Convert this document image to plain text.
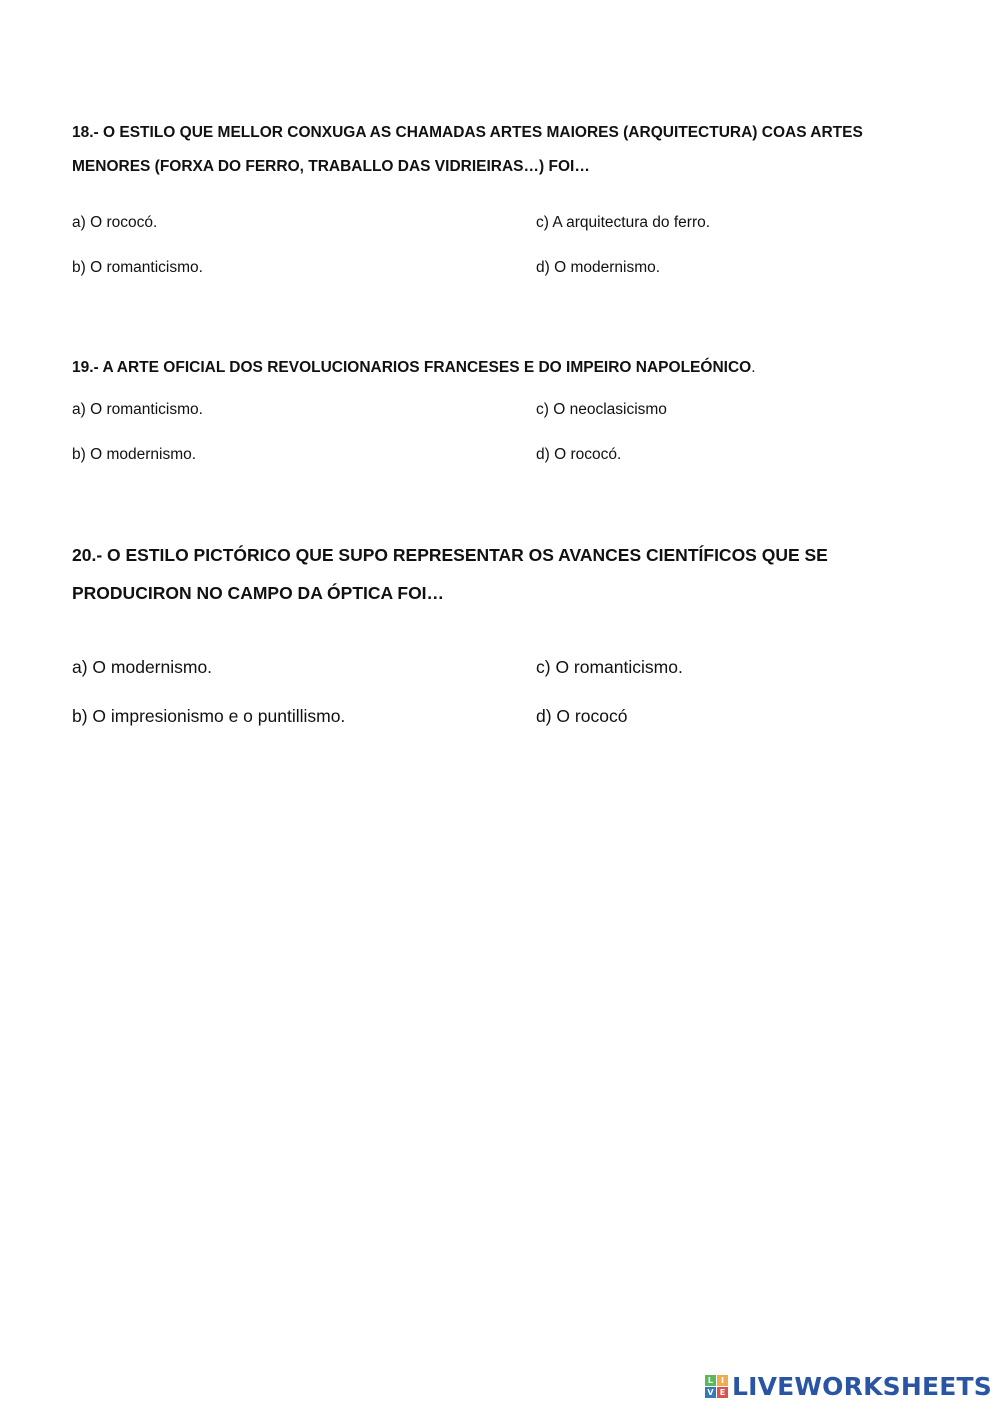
18.- O ESTILO QUE MELLOR CONXUGA AS CHAMADAS ARTES MAIORES (ARQUITECTURA) COAS ARTES MENORES (FORXA DO FERRO, TRABALLO DAS VIDRIEIRAS…) FOI…

a) O rococó.	c) A arquitectura do ferro.

b) O romanticismo.	d) O modernismo.

19.- A ARTE OFICIAL DOS REVOLUCIONARIOS FRANCESES E DO IMPEIRO NAPOLEÓNICO.

a) O romanticismo.	c) O neoclasicismo

b) O modernismo.	d) O rococó.

20.- O ESTILO PICTÓRICO QUE SUPO REPRESENTAR OS AVANCES CIENTÍFICOS QUE SE PRODUCIRON NO CAMPO DA ÓPTICA FOI…

a) O modernismo.	c) O romanticismo.

b) O impresionismo e o puntillismo.	d) O rococó

L I
V E LIVEWORKSHEETS
